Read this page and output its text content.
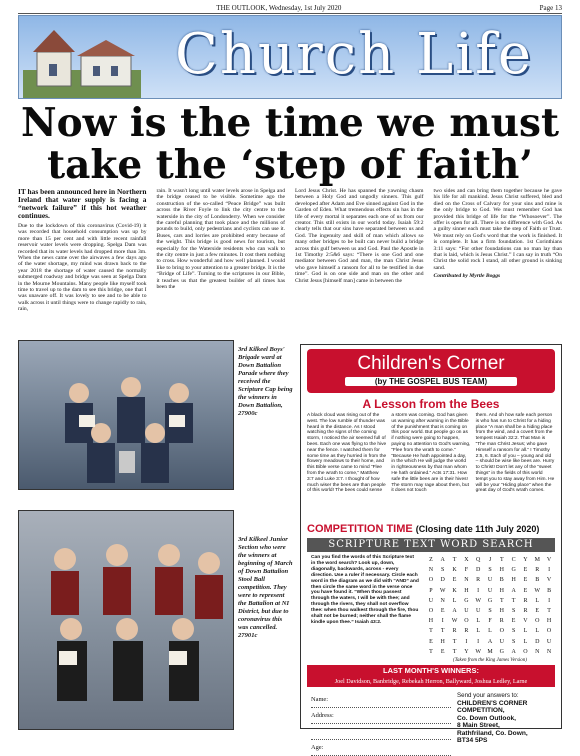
THE OUTLOOK, Wednesday, 1st July 2020	Page 13
Church Life
Now is the time we must
take the ‘step of faith’

IT has been announced here in Northern Ireland that water supply is facing a “network failure” if this hot weather continues.

Due to the lockdown of this coronavirus (Covid-19) it was recorded that household consumption was up by more than 15 per cent and with little recent rainfall reservoir water levels were dropping. Spelga Dam was recorded that its water levels had dropped more than 3m. When the news came over the airwaves a few days ago of the water shortage, my mind was drawn back to the year 2018 the shortage of water caused the normally submerged roadway and bridge was seen at Spelga Dam in the Mourne Mountains. Many people like myself took time to travel up to the dam to see this bridge, one that I was unaware off. It was lovely to see and to be able to walk across it until things were to change rapidly to rain, rain,

rain. It wasn't long until water levels arose in Spelga and the bridge ceased to be visible. Sometime ago the construction of the so-called “Peace Bridge” was built across the River Foyle to link the city centre to the waterside in the city of Londonderry. When we consider the careful planning that took place and the millions of pounds to build, only pedestrians and cyclists can use it. Buses, cars and lorries are prohibited entry because of the weight. This bridge is good news for tourism, but especially for the Waterside residents who can walk to the city centre in just a few minutes. It cost them nothing to cross. How wonderful and how well planned. I would like to bring to your attention to a greater bridge. It is the “Bridge of Life”. Turning to the scriptures in our Bible, it teaches us that the greatest builder of all times has been the

Lord Jesus Christ. He has spanned the yawning chasm between a Holy God and ungodly sinners. This gulf developed after Adam and Eve sinned against God in the Garden of Eden. What tremendous effects sin has in the life of every mortal it separates each one of us from our creator. This still exists in our world today. Isaiah 59:2 clearly tells that our sins have separated between us and God. The ingenuity and skill of man which allows so many other bridges to be built can never build a bridge across this gulf between us and God. Paul the Apostle in 1st Timothy 2:5&6 says: “There is one God and one mediator between God and man, the man Christ Jesus who gave himself a ransom for all to be testified in due time”. God is on one side and man on the other and Christ Jesus [himself man] came in between the

two sides and can bring them together because he gave his life for all mankind. Jesus Christ suffered, bled and died on the Cross of Calvary for your sins and mine is the only bridge to God. We must remember God has provided this bridge of life for the “Whosoever”. The offer is open for all. There is no difference with God. As a guilty sinner each must take the step of Faith or Trust. We must rely on God's word that the work is finished. It is complete. It has a firm foundation. 1st Corinthians 3:11 says: “For other foundations can no man lay than that is laid, which is Jesus Christ.” I can say in truth “On Christ the solid rock I stand, all other ground is sinking sand.

Contributed by Myrtle Boggs

3rd Kilkeel Boys' Brigade ward at Down Battalion Parade where they received the Scripture Cap being the winners in Down Battalion, 27900c
3rd Kilkeel Junior Section who were the winners at beginning of March of Down Battalion Stool Ball competition. They were to represent the Battalion at NI District, but due to coronavirus this was cancelled. 27901c
Children's Corner
(by THE GOSPEL BUS TEAM)
A Lesson from the Bees
A black cloud was rising out of the west. The low rumble of thunder was heard in the distance. As I stood watching the signs of the coming storm, I noticed the air seemed full of bees. Each one was flying to the hive near the fence. I watched them for some time as they hurried in from the flowery meadows to their home, and this Bible verse came to mind “Flee from the wrath to come,” Matthew 3:7 and Luke 3:7. I thought of how much wiser the bees are than people of this world! The bees could sense
a storm was coming. God has given us warning after warning in the Bible of the punishment that is coming on this poor world. But people go on as if nothing were going to happen, paying no attention to God's warning, “Flee from the wrath to come.” “Because He hath appointed a day, in the which He will judge the world in righteousness by that man whom He hath ordained.” Acts 17:31. How safe the little bees are in their hives! The storm may rage about them, but it does not touch
them. And oh how safe each person is who has run to Christ for a hiding place “A man shall be a hiding place from the wind, and a covert from the tempest Isaiah 32:2. That Man is “The man Christ Jesus; who gave Himself a ransom for all.” I Timothy 2:5, 6. Each of you – young and old – should be wise like bees are. Hurry to Christ! Don't let any of the “sweet things” in the fields of this world tempt you to stay away from Him. He will be your “Hiding place” when the great day of God's wrath comes.
COMPETITION TIME (Closing date 11th July 2020)
SCRIPTURE TEXT WORD SEARCH
Can you find the words of this Scripture text in the word search? Look up, down, diagonally, backwards, across - every direction. Use a ruler if necessary. Circle each word in the diagram as we did with “AND” and then circle the same word in the verse once you have found it. “When thou passest through the waters, I will be with thee; and through the rivers, they shall not overflow thee: when thou walkest through the fire, thou shalt not be burned; neither shall the flame kindle upon thee.” Isaiah 43:2.
Z	A	T	X	Q	J	T	C	Y	M	V
N	S	K	F	D	S	H	G	E	R	I
O	D	E	N	R	U	B	H	E	B	V
P	W	K	H	I	U	H	A	E	W	B
U	N	L	G	W	G	T	T	R	L	I
O	E	A	U	U	S	H	S	R	E	T
H	I	W	O	L	F	R	E	V	O	H
T	T	R	R	L	L	O	S	L	L	O
E	H	T	I	I	A	U	S	L	D	U
T	E	T	Y	W	M	G	A	O	N	N
(Taken from the King James Version)
LAST MONTH'S WINNERS:
Joel Davidson, Banbridge, Rebekah Herron, Ballyward, Joshua Ledley, Larne
Name:
Address:
Age:
Send your answers to:
CHILDREN'S CORNER COMPETITION,
Co. Down Outlook,
8 Main Street,
Rathfriland, Co. Down,
BT34 5PS
